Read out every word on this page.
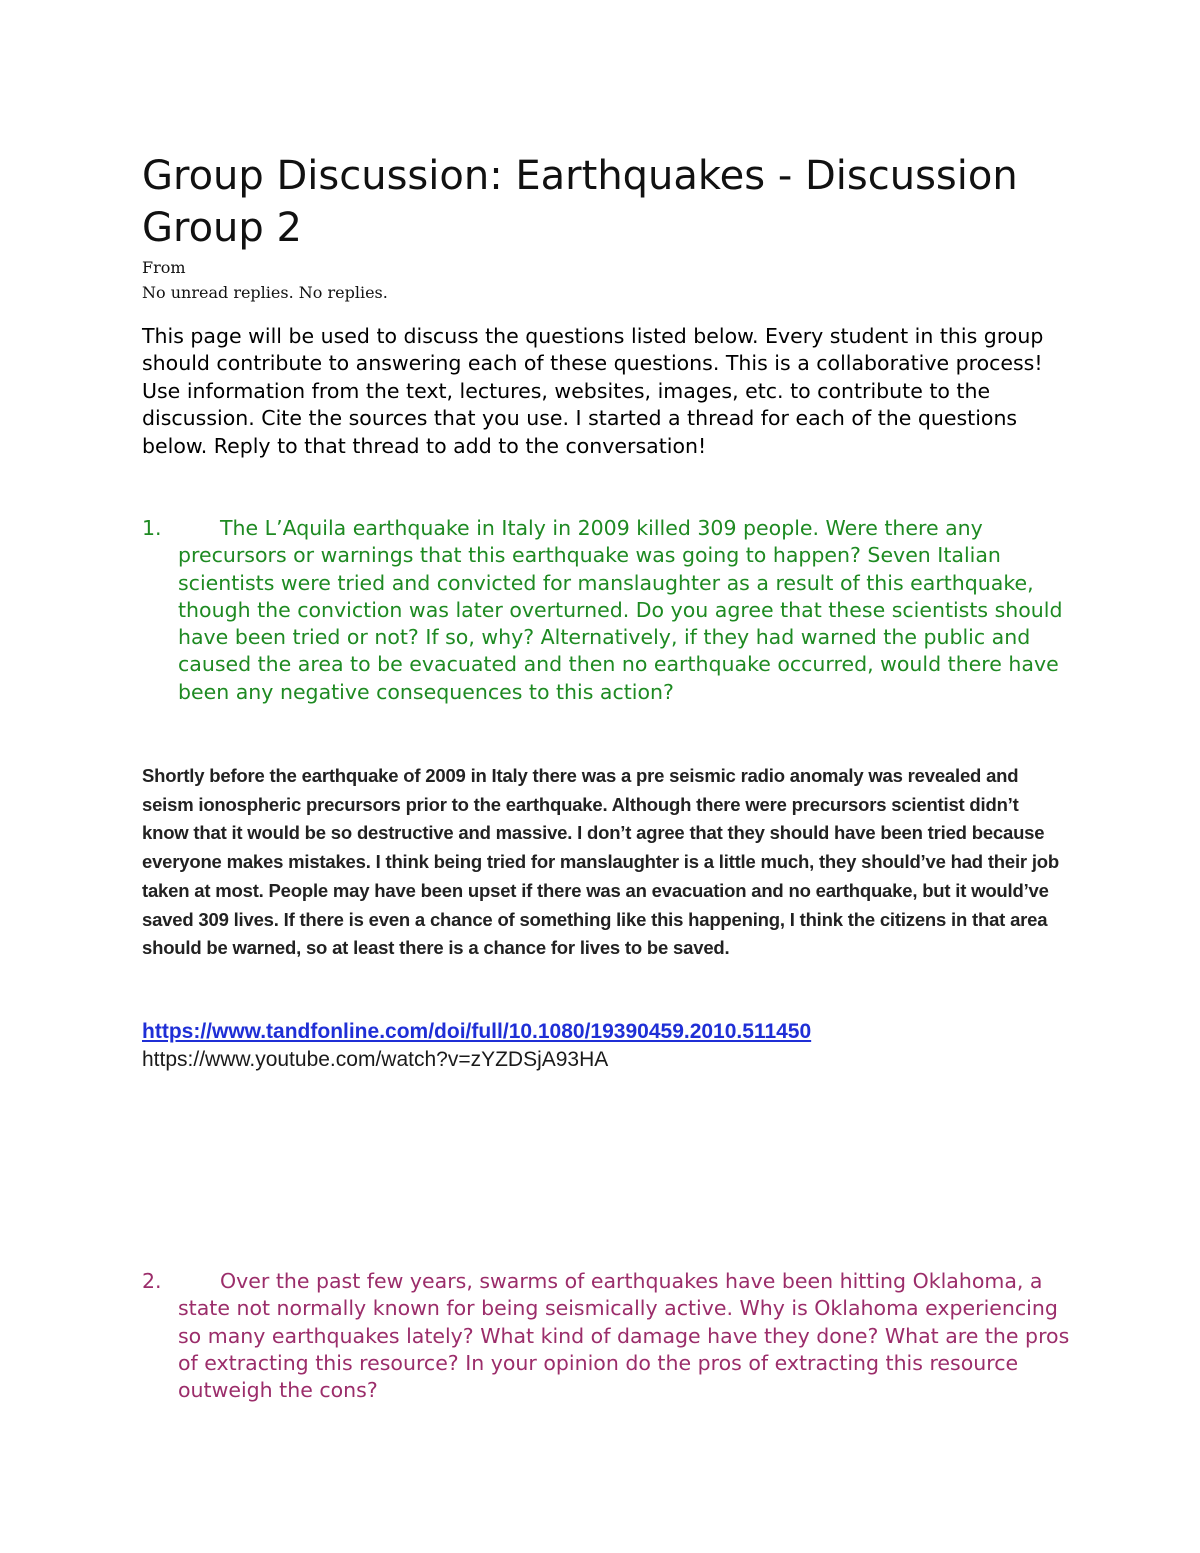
Group Discussion: Earthquakes - Discussion Group 2
From
No unread replies. No replies.

This page will be used to discuss the questions listed below. Every student in this group should contribute to answering each of these questions. This is a collaborative process! Use information from the text, lectures, websites, images, etc. to contribute to the discussion. Cite the sources that you use. I started a thread for each of the questions below. Reply to that thread to add to the conversation!

1.	The L’Aquila earthquake in Italy in 2009 killed 309 people. Were there any precursors or warnings that this earthquake was going to happen? Seven Italian scientists were tried and convicted for manslaughter as a result of this earthquake, though the conviction was later overturned. Do you agree that these scientists should have been tried or not? If so, why? Alternatively, if they had warned the public and caused the area to be evacuated and then no earthquake occurred, would there have been any negative consequences to this action?

Shortly before the earthquake of 2009 in Italy there was a pre seismic radio anomaly was revealed and seism ionospheric precursors prior to the earthquake. Although there were precursors scientist didn’t know that it would be so destructive and massive. I don’t agree that they should have been tried because everyone makes mistakes. I think being tried for manslaughter is a little much, they should’ve had their job taken at most. People may have been upset if there was an evacuation and no earthquake, but it would’ve saved 309 lives. If there is even a chance of something like this happening, I think the citizens in that area should be warned, so at least there is a chance for lives to be saved.

https://www.tandfonline.com/doi/full/10.1080/19390459.2010.511450
https://www.youtube.com/watch?v=zYZDSjA93HA
2.	Over the past few years, swarms of earthquakes have been hitting Oklahoma, a state not normally known for being seismically active. Why is Oklahoma experiencing so many earthquakes lately? What kind of damage have they done? What are the pros of extracting this resource? In your opinion do the pros of extracting this resource outweigh the cons?
